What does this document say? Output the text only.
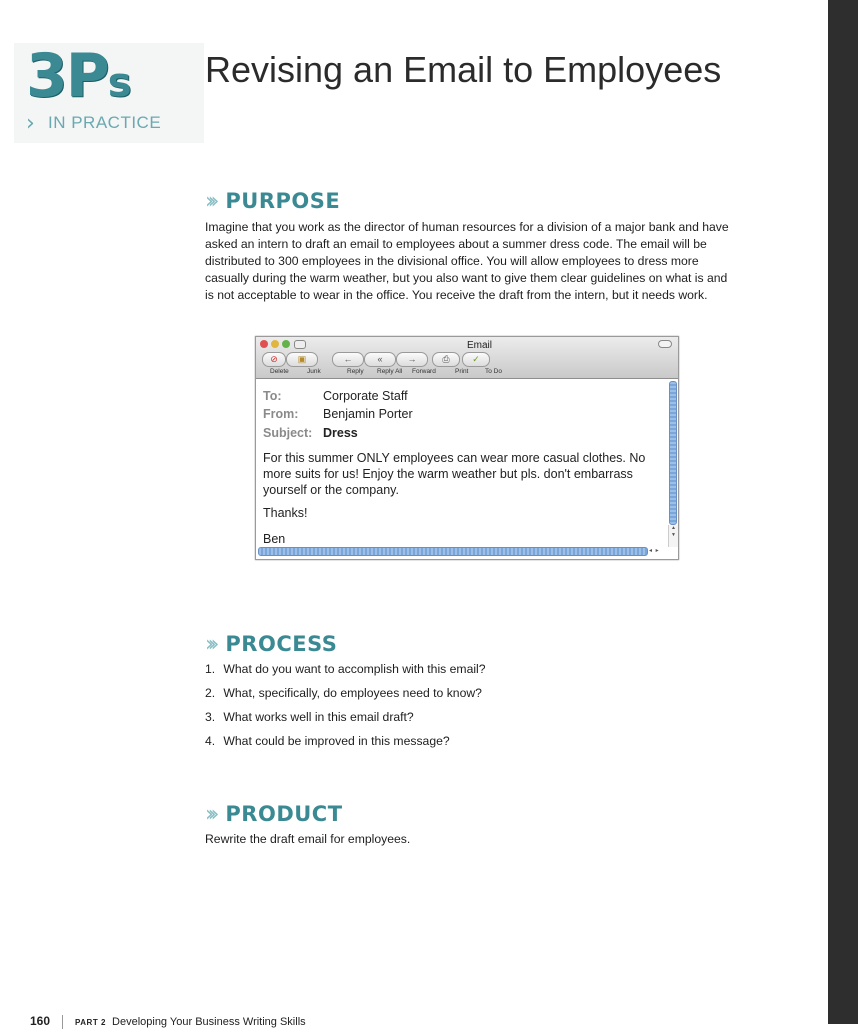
3Ps
› IN PRACTICE
Revising an Email to Employees
››› PURPOSE
Imagine that you work as the director of human resources for a division of a major bank and have asked an intern to draft an email to employees about a summer dress code. The email will be distributed to 300 employees in the divisional office. You will allow employees to dress more casually during the warm weather, but you also want to give them clear guidelines on what is and is not acceptable to wear in the office. You receive the draft from the intern, but it needs work.
Email
⊘	▣	←	«	→	⎙	✓
Delete	Junk	Reply Reply All Forward	Print	To Do
To:	Corporate Staff
From: Benjamin Porter
Subject: Dress
For this summer ONLY employees can wear more casual clothes. No more suits for us! Enjoy the warm weather but pls. don't embarrass yourself or the company.
Thanks!
Ben
▲
▼
◂ ▸
››› PROCESS
1. What do you want to accomplish with this email?
2. What, specifically, do employees need to know?
3. What works well in this email draft?
4. What could be improved in this message?
››› PRODUCT
Rewrite the draft email for employees.
160	PART 2 Developing Your Business Writing Skills
